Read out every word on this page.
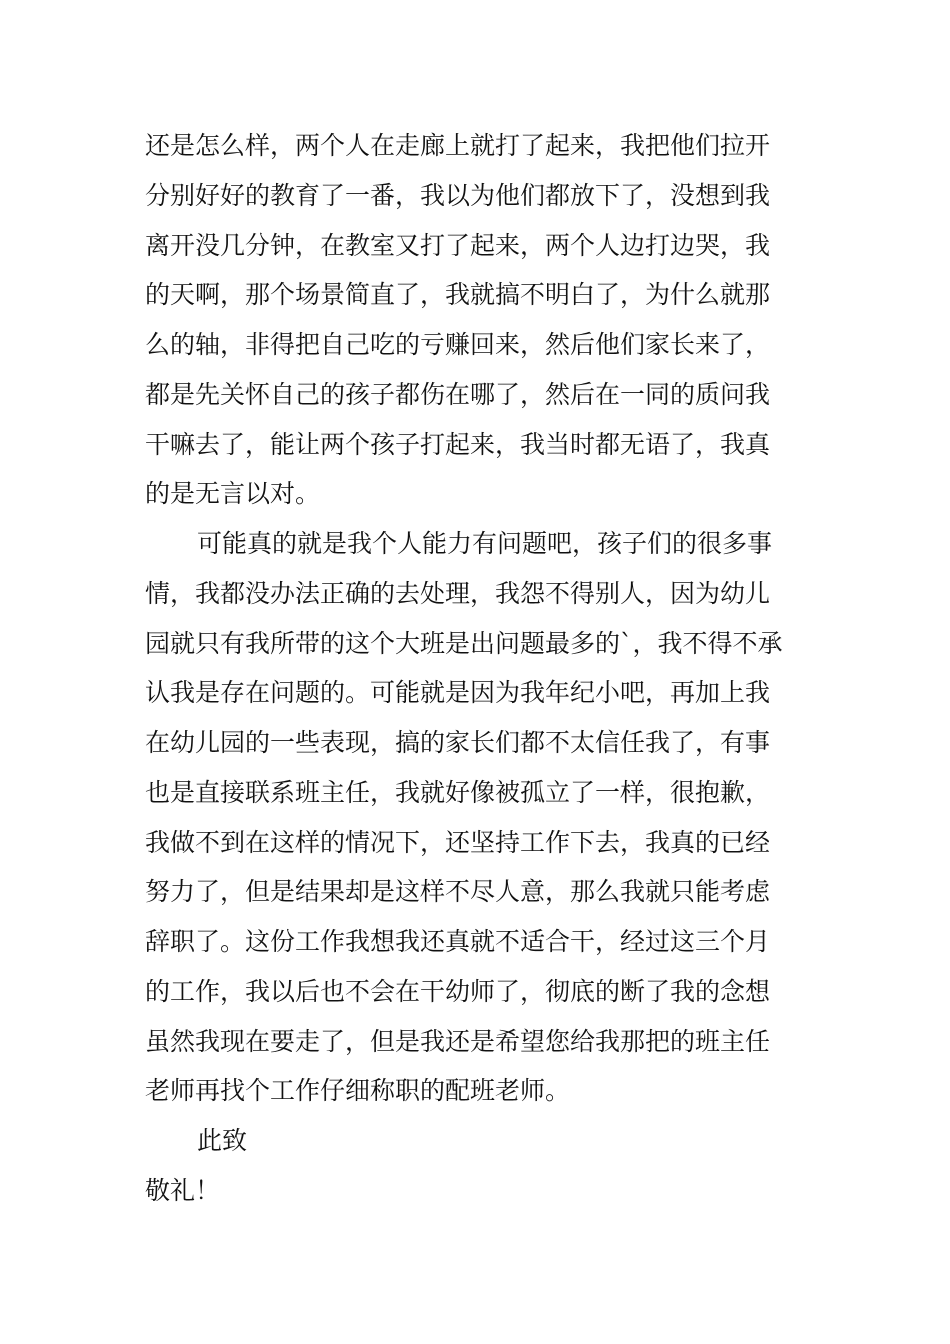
还是怎么样，两个人在走廊上就打了起来，我把他们拉开
分别好好的教育了一番，我以为他们都放下了，没想到我
离开没几分钟，在教室又打了起来，两个人边打边哭，我
的天啊，那个场景简直了，我就搞不明白了，为什么就那
么的轴，非得把自己吃的亏赚回来，然后他们家长来了，
都是先关怀自己的孩子都伤在哪了，然后在一同的质问我
干嘛去了，能让两个孩子打起来，我当时都无语了，我真
的是无言以对。
可能真的就是我个人能力有问题吧，孩子们的很多事
情，我都没办法正确的去处理，我怨不得别人，因为幼儿
园就只有我所带的这个大班是出问题最多的`，我不得不承
认我是存在问题的。可能就是因为我年纪小吧，再加上我
在幼儿园的一些表现，搞的家长们都不太信任我了，有事
也是直接联系班主任，我就好像被孤立了一样，很抱歉，
我做不到在这样的情况下，还坚持工作下去，我真的已经
努力了，但是结果却是这样不尽人意，那么我就只能考虑
辞职了。这份工作我想我还真就不适合干，经过这三个月
的工作，我以后也不会在干幼师了，彻底的断了我的念想
虽然我现在要走了，但是我还是希望您给我那把的班主任
老师再找个工作仔细称职的配班老师。
此致
敬礼！
